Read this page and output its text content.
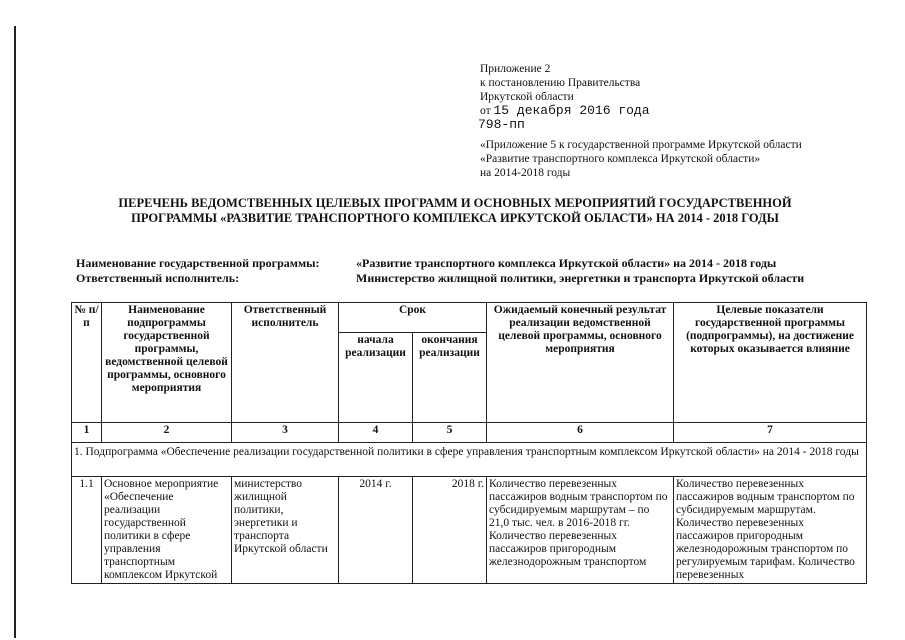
Приложение 2
к постановлению Правительства
Иркутской области
от 15 декабря 2016 года
798-пп
«Приложение 5 к государственной программе Иркутской области
«Развитие транспортного комплекса Иркутской области»
на 2014-2018 годы
ПЕРЕЧЕНЬ ВЕДОМСТВЕННЫХ ЦЕЛЕВЫХ ПРОГРАММ И ОСНОВНЫХ МЕРОПРИЯТИЙ ГОСУДАРСТВЕННОЙ
ПРОГРАММЫ «РАЗВИТИЕ ТРАНСПОРТНОГО КОМПЛЕКСА ИРКУТСКОЙ ОБЛАСТИ» НА 2014 - 2018 ГОДЫ
Наименование государственной программы:	«Развитие транспортного комплекса Иркутской области» на 2014 - 2018 годы
Ответственный исполнитель:	Министерство жилищной политики, энергетики и транспорта Иркутской области
№ п/п	Наименование подпрограммы государственной программы, ведомственной целевой программы, основного мероприятия	Ответственный исполнитель	Срок		Ожидаемый конечный результат реализации ведомственной целевой программы, основного мероприятия	Целевые показатели государственной программы (подпрограммы), на достижение которых оказывается влияние
			начала реализации	окончания реализации		
1	2	3	4	5	6	7
1. Подпрограмма «Обеспечение реализации государственной политики в сфере управления транспортным комплексом Иркутской области» на 2014 - 2018 годы						
1.1	Основное мероприятие «Обеспечение реализации государственной политики в сфере управления транспортным комплексом Иркутской	министерство жилищной политики, энергетики и транспорта Иркутской области	2014 г.	2018 г.	Количество перевезенных пассажиров водным транспортом по субсидируемым маршрутам – по 21,0 тыс. чел. в 2016-2018 гг. Количество перевезенных пассажиров пригородным железнодорожным транспортом	Количество перевезенных пассажиров водным транспортом по субсидируемым маршрутам. Количество перевезенных пассажиров пригородным железнодорожным транспортом по регулируемым тарифам. Количество перевезенных
